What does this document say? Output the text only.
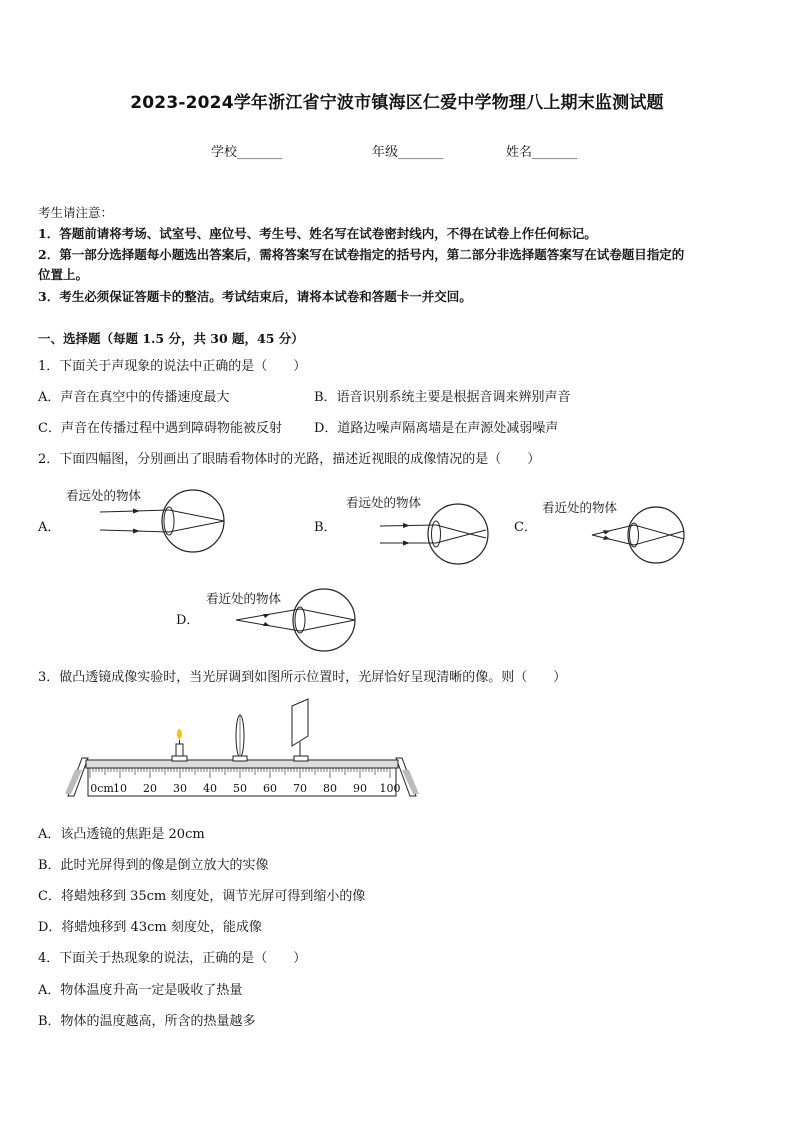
2023-2024学年浙江省宁波市镇海区仁爱中学物理八上期末监测试题
学校_______	年级_______	姓名_______
考生请注意：
1．答题前请将考场、试室号、座位号、考生号、姓名写在试卷密封线内，不得在试卷上作任何标记。
2．第一部分选择题每小题选出答案后，需将答案写在试卷指定的括号内，第二部分非选择题答案写在试卷题目指定的
位置上。
3．考生必须保证答题卡的整洁。考试结束后，请将本试卷和答题卡一并交回。
一、选择题（每题 1.5 分，共 30 题，45 分）
1．下面关于声现象的说法中正确的是（　　）
A．声音在真空中的传播速度最大	B．语音识别系统主要是根据音调来辨别声音
C．声音在传播过程中遇到障碍物能被反射 D．道路边噪声隔离墙是在声源处减弱噪声
2．下面四幅图，分别画出了眼睛看物体时的光路，描述近视眼的成像情况的是（　　）
A．
看远处的物体
B．
看远处的物体
C．
看近处的物体
D．
看近处的物体
3．做凸透镜成像实验时，当光屏调到如图所示位置时，光屏恰好呈现清晰的像。则（　　）
0cm 10 20 30 40 50 60 70 80 90 100
A．该凸透镜的焦距是 20cm
B．此时光屏得到的像是倒立放大的实像
C．将蜡烛移到 35cm 刻度处，调节光屏可得到缩小的像
D．将蜡烛移到 43cm 刻度处，能成像
4．下面关于热现象的说法，正确的是（　　）
A．物体温度升高一定是吸收了热量
B．物体的温度越高，所含的热量越多
